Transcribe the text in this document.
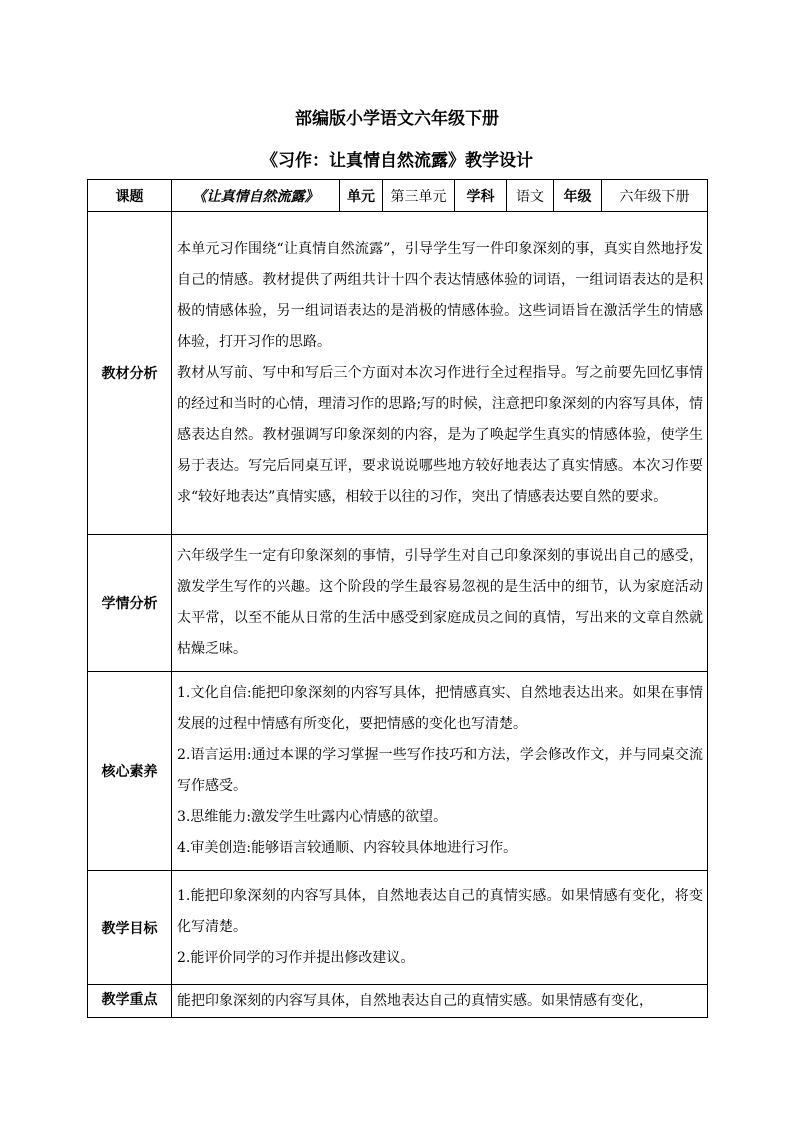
部编版小学语文六年级下册
《习作：让真情自然流露》教学设计
课题	《让真情自然流露》	单元	第三单元	学科	语文	年级	六年级下册
教材分析	本单元习作围绕“让真情自然流露”，引导学生写一件印象深刻的事，真实自然地抒发自己的情感。教材提供了两组共计十四个表达情感体验的词语，一组词语表达的是积极的情感体验，另一组词语表达的是消极的情感体验。这些词语旨在激活学生的情感体验，打开习作的思路。

教材从写前、写中和写后三个方面对本次习作进行全过程指导。写之前要先回忆事情的经过和当时的心情，理清习作的思路;写的时候，注意把印象深刻的内容写具体，情感表达自然。教材强调写印象深刻的内容，是为了唤起学生真实的情感体验，使学生易于表达。写完后同桌互评，要求说说哪些地方较好地表达了真实情感。本次习作要求“较好地表达”真情实感，相较于以往的习作，突出了情感表达要自然的要求。						

学情分析	六年级学生一定有印象深刻的事情，引导学生对自己印象深刻的事说出自己的感受，激发学生写作的兴趣。这个阶段的学生最容易忽视的是生活中的细节，认为家庭活动太平常，以至不能从日常的生活中感受到家庭成员之间的真情，写出来的文章自然就枯燥乏味。						

核心素养	1.文化自信:能把印象深刻的内容写具体，把情感真实、自然地表达出来。如果在事情发展的过程中情感有所变化，要把情感的变化也写清楚。

2.语言运用:通过本课的学习掌握一些写作技巧和方法，学会修改作文，并与同桌交流写作感受。

3.思维能力:激发学生吐露内心情感的欲望。

4.审美创造:能够语言较通顺、内容较具体地进行习作。						

教学目标	1.能把印象深刻的内容写具体，自然地表达自己的真情实感。如果情感有变化，将变化写清楚。

2.能评价同学的习作并提出修改建议。						

教学重点	能把印象深刻的内容写具体，自然地表达自己的真情实感。如果情感有变化，						
